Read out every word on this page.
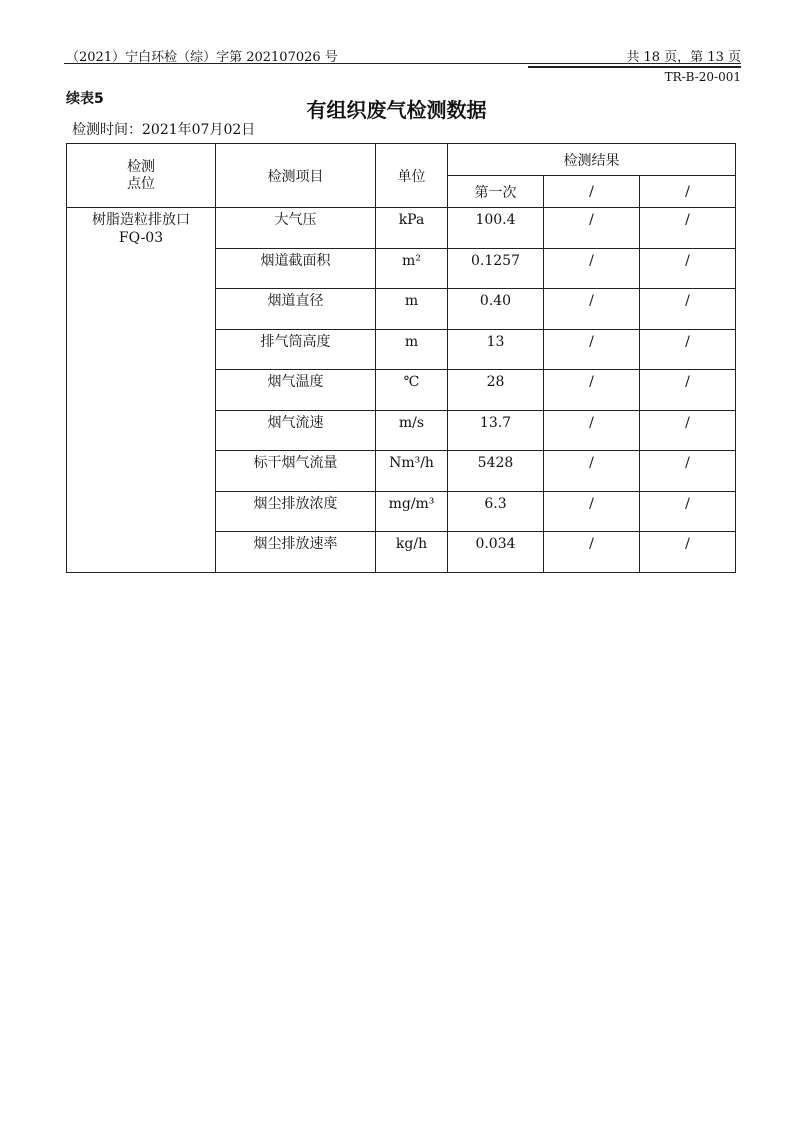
（2021）宁白环检（综）字第 202107026 号	共 18 页，第 13 页
TR-B-20-001
续表5	有组织废气检测数据
检测时间：2021年07月02日
检测
点位	检测项目	单位	检测结果		
			第一次	/	/

树脂造粒排放口
FQ-03	大气压	kPa	100.4	/	/
	烟道截面积	m²	0.1257	/	/
	烟道直径	m	0.40	/	/
	排气筒高度	m	13	/	/
	烟气温度	℃	28	/	/
	烟气流速	m/s	13.7	/	/
	标干烟气流量	Nm³/h	5428	/	/
	烟尘排放浓度	mg/m³	6.3	/	/
	烟尘排放速率	kg/h	0.034	/	/
